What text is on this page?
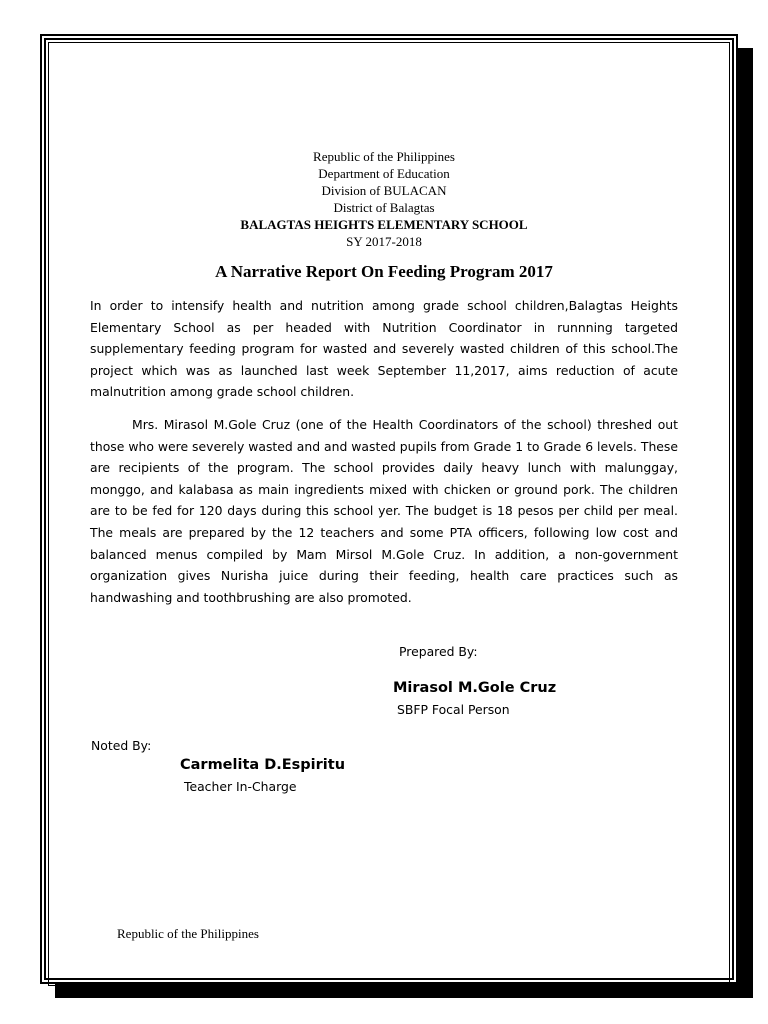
Republic of the Philippines
Department of Education
Division of BULACAN
District of Balagtas
BALAGTAS HEIGHTS ELEMENTARY SCHOOL
SY 2017-2018
A Narrative Report On Feeding Program 2017
In order to intensify health and nutrition among grade school children,Balagtas Heights Elementary School as per headed with Nutrition Coordinator in runnning targeted supplementary feeding program for wasted and severely wasted children of this school.The project which was as launched last week September 11,2017, aims reduction of acute malnutrition among grade school children.
Mrs. Mirasol M.Gole Cruz (one of the Health Coordinators of the school) threshed out those who were severely wasted and and wasted pupils from Grade 1 to Grade 6 levels. These are recipients of the program. The school provides daily heavy lunch with malunggay, monggo, and kalabasa as main ingredients mixed with chicken or ground pork. The children are to be fed for 120 days during this school yer. The budget is 18 pesos per child per meal. The meals are prepared by the 12 teachers and some PTA officers, following low cost and balanced menus compiled by Mam Mirsol M.Gole Cruz. In addition, a non-government organization gives Nurisha juice during their feeding, health care practices such as handwashing and toothbrushing are also promoted.
Prepared By:
Mirasol M.Gole Cruz
SBFP Focal Person
Noted By:
Carmelita D.Espiritu
Teacher In-Charge
Republic of the Philippines
